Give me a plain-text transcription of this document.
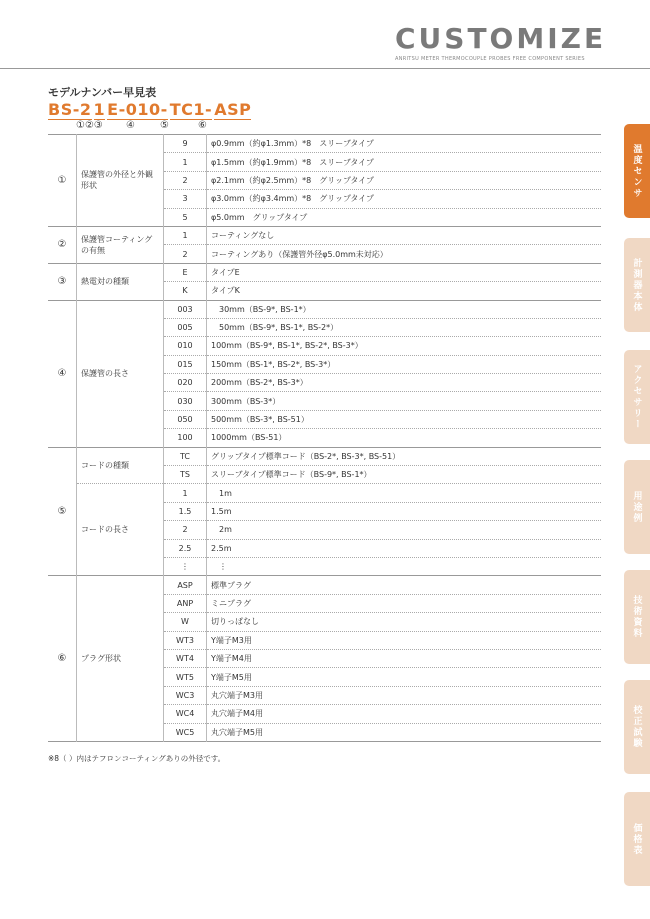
CUSTOMIZE
ANRITSU METER THERMOCOUPLE PROBES FREE COMPONENT SERIES
モデルナンバー早見表
BS-2 1 E-010- TC1- ASP
①②③ ④	⑤	⑥
①	保護管の外径と外観形状	9	φ0.9mm（約φ1.3mm）*8　スリーブタイプ
		1	φ1.5mm（約φ1.9mm）*8　スリーブタイプ
		2	φ2.1mm（約φ2.5mm）*8　グリップタイプ
		3	φ3.0mm（約φ3.4mm）*8　グリップタイプ
		5	φ5.0mm　グリップタイプ
②	保護管コーティングの有無	1	コーティングなし
		2	コーティングあり（保護管外径φ5.0mm未対応）
③	熱電対の種類	E	タイプE
		K	タイプK
④	保護管の長さ	003	　30mm（BS-9*, BS-1*）
		005	　50mm（BS-9*, BS-1*, BS-2*）
		010	100mm（BS-9*, BS-1*, BS-2*, BS-3*）
		015	150mm（BS-1*, BS-2*, BS-3*）
		020	200mm（BS-2*, BS-3*）
		030	300mm（BS-3*）
		050	500mm（BS-3*, BS-51）
		100	1000mm（BS-51）
⑤	コードの種類	TC	グリップタイプ標準コード（BS-2*, BS-3*, BS-51）
		TS	スリーブタイプ標準コード（BS-9*, BS-1*）
	コードの長さ	1	　1m
		1.5	1.5m
		2	　2m
		2.5	2.5m
		⋮	　⋮
⑥	プラグ形状	ASP	標準プラグ
		ANP	ミニプラグ
		W	切りっぱなし
		WT3	Y端子M3用
		WT4	Y端子M4用
		WT5	Y端子M5用
		WC3	丸穴端子M3用
		WC4	丸穴端子M4用
		WC5	丸穴端子M5用
※8（ ）内はテフロンコーティングありの外径です。
温度センサ
計測器本体
アクセサリー
用途例
技術資料
校正試験
価格表
